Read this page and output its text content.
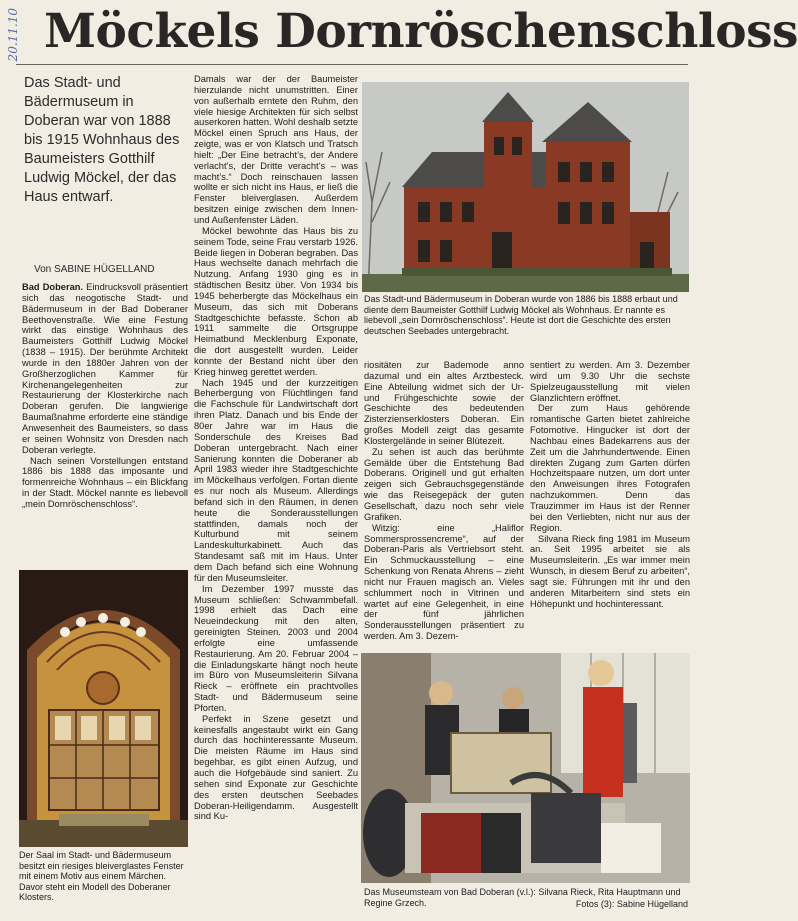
20.11.10 Möckels Dornröschenschloss
Das Stadt- und Bädermuseum in Doberan war von 1888 bis 1915 Wohnhaus des Baumeisters Gotthilf Ludwig Möckel, der das Haus entwarf.
Von SABINE HÜGELLAND

Bad Doberan. Eindrucksvoll präsentiert sich das neogotische Stadt- und Bädermuseum in der Bad Doberaner Beethovenstraße. Wie eine Festung wirkt das einstige Wohnhaus des Baumeisters Gotthilf Ludwig Möckel (1838 – 1915). Der berühmte Architekt wurde in den 1880er Jahren von der Großherzoglichen Kammer für Kirchenangelegenheiten zur Restaurierung der Klosterkirche nach Doberan gerufen. Die langwierige Baumaßnahme erforderte eine ständige Anwesenheit des Baumeisters, so dass er seinen Wohnsitz von Dresden nach Doberan verlegte.

Nach seinen Vorstellungen entstand 1886 bis 1888 das imposante und formenreiche Wohnhaus – ein Blickfang in der Stadt. Möckel nannte es liebevoll „mein Dornröschenschloss“.

Der Saal im Stadt- und Bädermuseum besitzt ein riesiges bleiverglastes Fenster mit einem Motiv aus einem Märchen. Davor steht ein Modell des Doberaner Klosters.

Damals war der der Baumeister hierzulande nicht unumstritten. Einer von außerhalb erntete den Ruhm, den viele hiesige Architekten für sich selbst auserkoren hatten. Wohl deshalb setzte Möckel einen Spruch ans Haus, der zeigte, was er von Klatsch und Tratsch hielt: „Der Eine betracht’s, der Andere verlacht’s, der Dritte veracht’s – was macht’s.“ Doch reinschauen lassen wollte er sich nicht ins Haus, er ließ die Fenster bleiverglasen. Außerdem besitzen einige zwischen dem Innen- und Außenfenster Läden.

Möckel bewohnte das Haus bis zu seinem Tode, seine Frau verstarb 1926. Beide liegen in Doberan begraben. Das Haus wechselte danach mehrfach die Nutzung. Anfang 1930 ging es in städtischen Besitz über. Von 1934 bis 1945 beherbergte das Möckelhaus ein Museum, das sich mit Doberans Stadtgeschichte befasste. Schon ab 1911 sammelte die Ortsgruppe Heimatbund Mecklenburg Exponate, die dort ausgestellt wurden. Leider konnte der Bestand nicht über den Krieg hinweg gerettet werden.

Nach 1945 und der kurzzeitigen Beherbergung von Flüchtlingen fand die Fachschule für Landwirtschaft dort ihren Platz. Danach und bis Ende der 80er Jahre war im Haus die Sonderschule des Kreises Bad Doberan untergebracht. Nach einer Sanierung konnten die Doberaner ab April 1983 wieder ihre Stadtgeschichte im Möckelhaus verfolgen. Fortan diente es nur noch als Museum. Allerdings befand sich in den Räumen, in denen heute die Sonderausstellungen stattfinden, damals noch der Kulturbund mit seinem Landeskulturkabinett. Auch das Standesamt saß mit im Haus. Unter dem Dach befand sich eine Wohnung für den Museumsleiter.

Im Dezember 1997 musste das Museum schließen: Schwammbefall. 1998 erhielt das Dach eine Neueindeckung mit den alten, gereinigten Steinen. 2003 und 2004 erfolgte eine umfassende Restaurierung. Am 20. Februar 2004 – die Einladungskarte hängt noch heute im Büro von Museumsleiterin Silvana Rieck – eröffnete ein prachtvolles Stadt- und Bädermuseum seine Pforten.

Perfekt in Szene gesetzt und keinesfalls angestaubt wirkt ein Gang durch das hochinteressante Museum. Die meisten Räume im Haus sind begehbar, es gibt einen Aufzug, und auch die Hofgebäude sind saniert. Zu sehen sind Exponate zur Geschichte des ersten deutschen Seebades Doberan-Heiligendamm. Ausgestellt sind Ku-

Das Stadt-und Bädermuseum in Doberan wurde von 1886 bis 1888 erbaut und diente dem Baumeister Gotthilf Ludwig Möckel als Wohnhaus. Er nannte es liebevoll „sein Dornröschenschloss“. Heute ist dort die Geschichte des ersten deutschen Seebades untergebracht.

riositäten zur Bademode anno dazumal und ein altes Arztbesteck. Eine Abteilung widmet sich der Ur- und Frühgeschichte sowie der Geschichte des bedeutenden Zisterzienserklosters Doberan. Ein großes Modell zeigt das gesamte Klostergelände in seiner Blütezeit.

Zu sehen ist auch das berühmte Gemälde über die Entstehung Bad Doberans. Originell und gut erhalten zeigen sich Gebrauchsgegenstände wie das Reisegepäck der guten Gesellschaft, dazu noch sehr viele Grafiken.

Witzig: eine „Haliflor Sommersprossencreme“, auf der Doberan-Paris als Vertriebsort steht. Ein Schmuckausstellung – eine Schenkung von Renata Ahrens – zieht nicht nur Frauen magisch an. Vieles schlummert noch in Vitrinen und wartet auf eine Gelegenheit, in eine der fünf jährlichen Sonderausstellungen präsentiert zu werden. Am 3. Dezem-

sentiert zu werden. Am 3. Dezember wird um 9.30 Uhr die sechste Spielzeugausstellung mit vielen Glanzlichtern eröffnet.

Der zum Haus gehörende romantische Garten bietet zahlreiche Fotomotive. Hingucker ist dort der Nachbau eines Badekarrens aus der Zeit um die Jahrhundertwende. Einen direkten Zugang zum Garten dürfen Hochzeitspaare nutzen, um dort unter den Anweisungen ihres Fotografen nachzukommen. Denn das Trauzimmer im Haus ist der Renner bei den Verliebten, nicht nur aus der Region.

Silvana Rieck fing 1981 im Museum an. Seit 1995 arbeitet sie als Museumsleiterin. „Es war immer mein Wunsch, in diesem Beruf zu arbeiten“, sagt sie. Führungen mit ihr und den anderen Mitarbeitern sind stets ein Höhepunkt und hochinteressant.

Das Museumsteam von Bad Doberan (v.l.): Silvana Rieck, Rita Hauptmann und Regine Grzech.	Fotos (3): Sabine Hügelland
